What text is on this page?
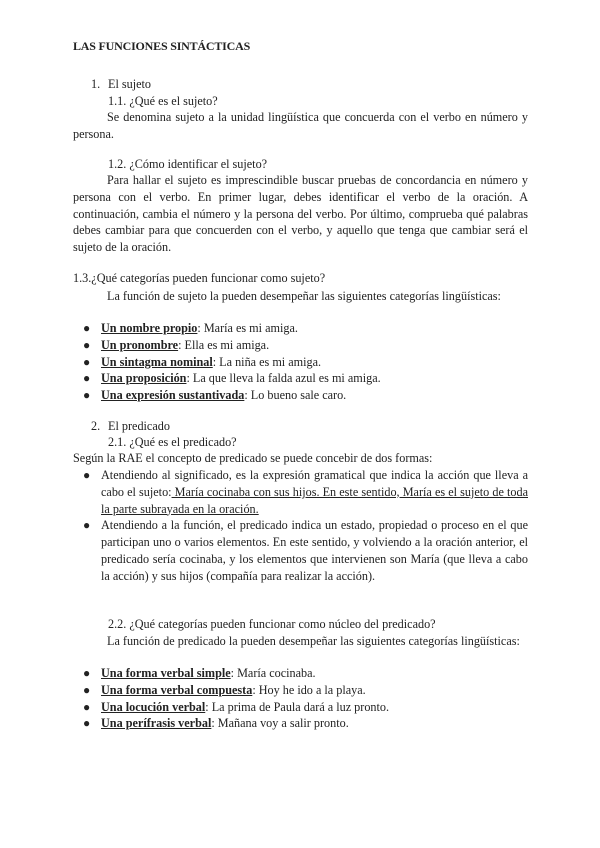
LAS FUNCIONES SINTÁCTICAS
1. El sujeto
1.1. ¿Qué es el sujeto?

Se denomina sujeto a la unidad lingüística que concuerda con el verbo en número y persona.

1.2. ¿Cómo identificar el sujeto?

Para hallar el sujeto es imprescindible buscar pruebas de concordancia en número y persona con el verbo. En primer lugar, debes identificar el verbo de la oración. A continuación, cambia el número y la persona del verbo. Por último, comprueba qué palabras debes cambiar para que concuerden con el verbo, y aquello que tenga que cambiar será el sujeto de la oración.

1.3.¿Qué categorías pueden funcionar como sujeto?

La función de sujeto la pueden desempeñar las siguientes categorías lingüísticas:

● Un nombre propio: María es mi amiga.
● Un pronombre: Ella es mi amiga.
● Un sintagma nominal: La niña es mi amiga.
● Una proposición: La que lleva la falda azul es mi amiga.
● Una expresión sustantivada: Lo bueno sale caro.
2. El predicado
2.1. ¿Qué es el predicado?
Según la RAE el concepto de predicado se puede concebir de dos formas:
● Atendiendo al significado, es la expresión gramatical que indica la acción que lleva a cabo el sujeto: María cocinaba con sus hijos. En este sentido, María es el sujeto de toda la parte subrayada en la oración.
● Atendiendo a la función, el predicado indica un estado, propiedad o proceso en el que participan uno o varios elementos. En este sentido, y volviendo a la oración anterior, el predicado sería cocinaba, y los elementos que intervienen son María (que lleva a cabo la acción) y sus hijos (compañía para realizar la acción).
2.2. ¿Qué categorías pueden funcionar como núcleo del predicado?

La función de predicado la pueden desempeñar las siguientes categorías lingüísticas:

● Una forma verbal simple: María cocinaba.
● Una forma verbal compuesta: Hoy he ido a la playa.
● Una locución verbal: La prima de Paula dará a luz pronto.
● Una perífrasis verbal: Mañana voy a salir pronto.
